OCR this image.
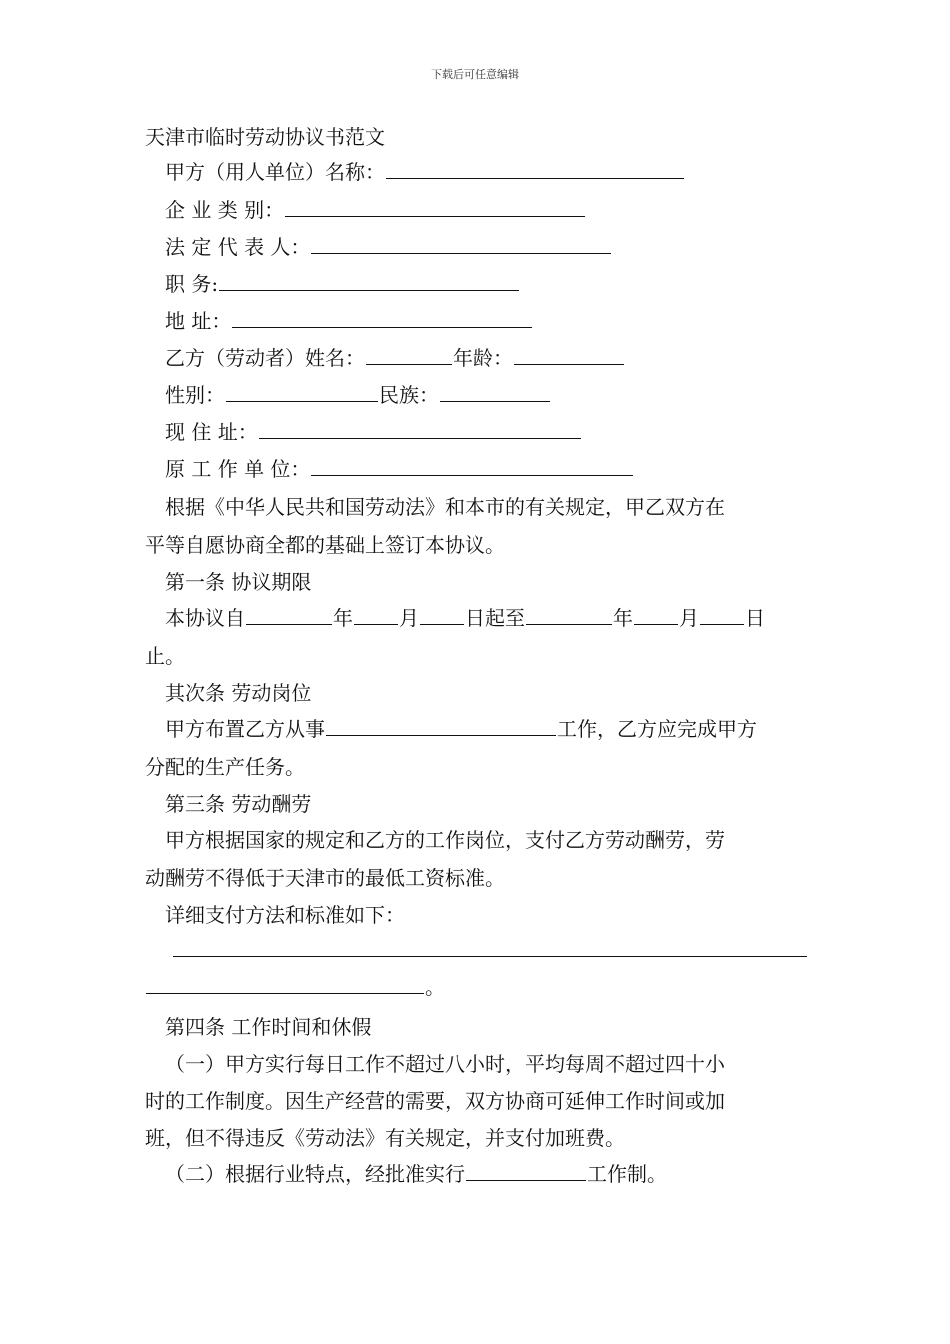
下载后可任意编辑
天津市临时劳动协议书范文
甲方（用人单位）名称：
企 业 类 别：
法 定 代 表 人：
职 务:
地 址：
乙方（劳动者）姓名：	年龄：
性别：	民族：
现 住 址：
原 工 作 单 位：
根据《中华人民共和国劳动法》和本市的有关规定，甲乙双方在
平等自愿协商全都的基础上签订本协议。
第一条 协议期限
本协议自	年 月 日起至	年 月 日
止。
其次条 劳动岗位
甲方布置乙方从事	工作，乙方应完成甲方
分配的生产任务。
第三条 劳动酬劳
甲方根据国家的规定和乙方的工作岗位，支付乙方劳动酬劳，劳
动酬劳不得低于天津市的最低工资标准。
详细支付方法和标准如下：
。
第四条 工作时间和休假
（一）甲方实行每日工作不超过八小时，平均每周不超过四十小
时的工作制度。因生产经营的需要，双方协商可延伸工作时间或加
班，但不得违反《劳动法》有关规定，并支付加班费。
（二）根据行业特点，经批准实行	工作制。
